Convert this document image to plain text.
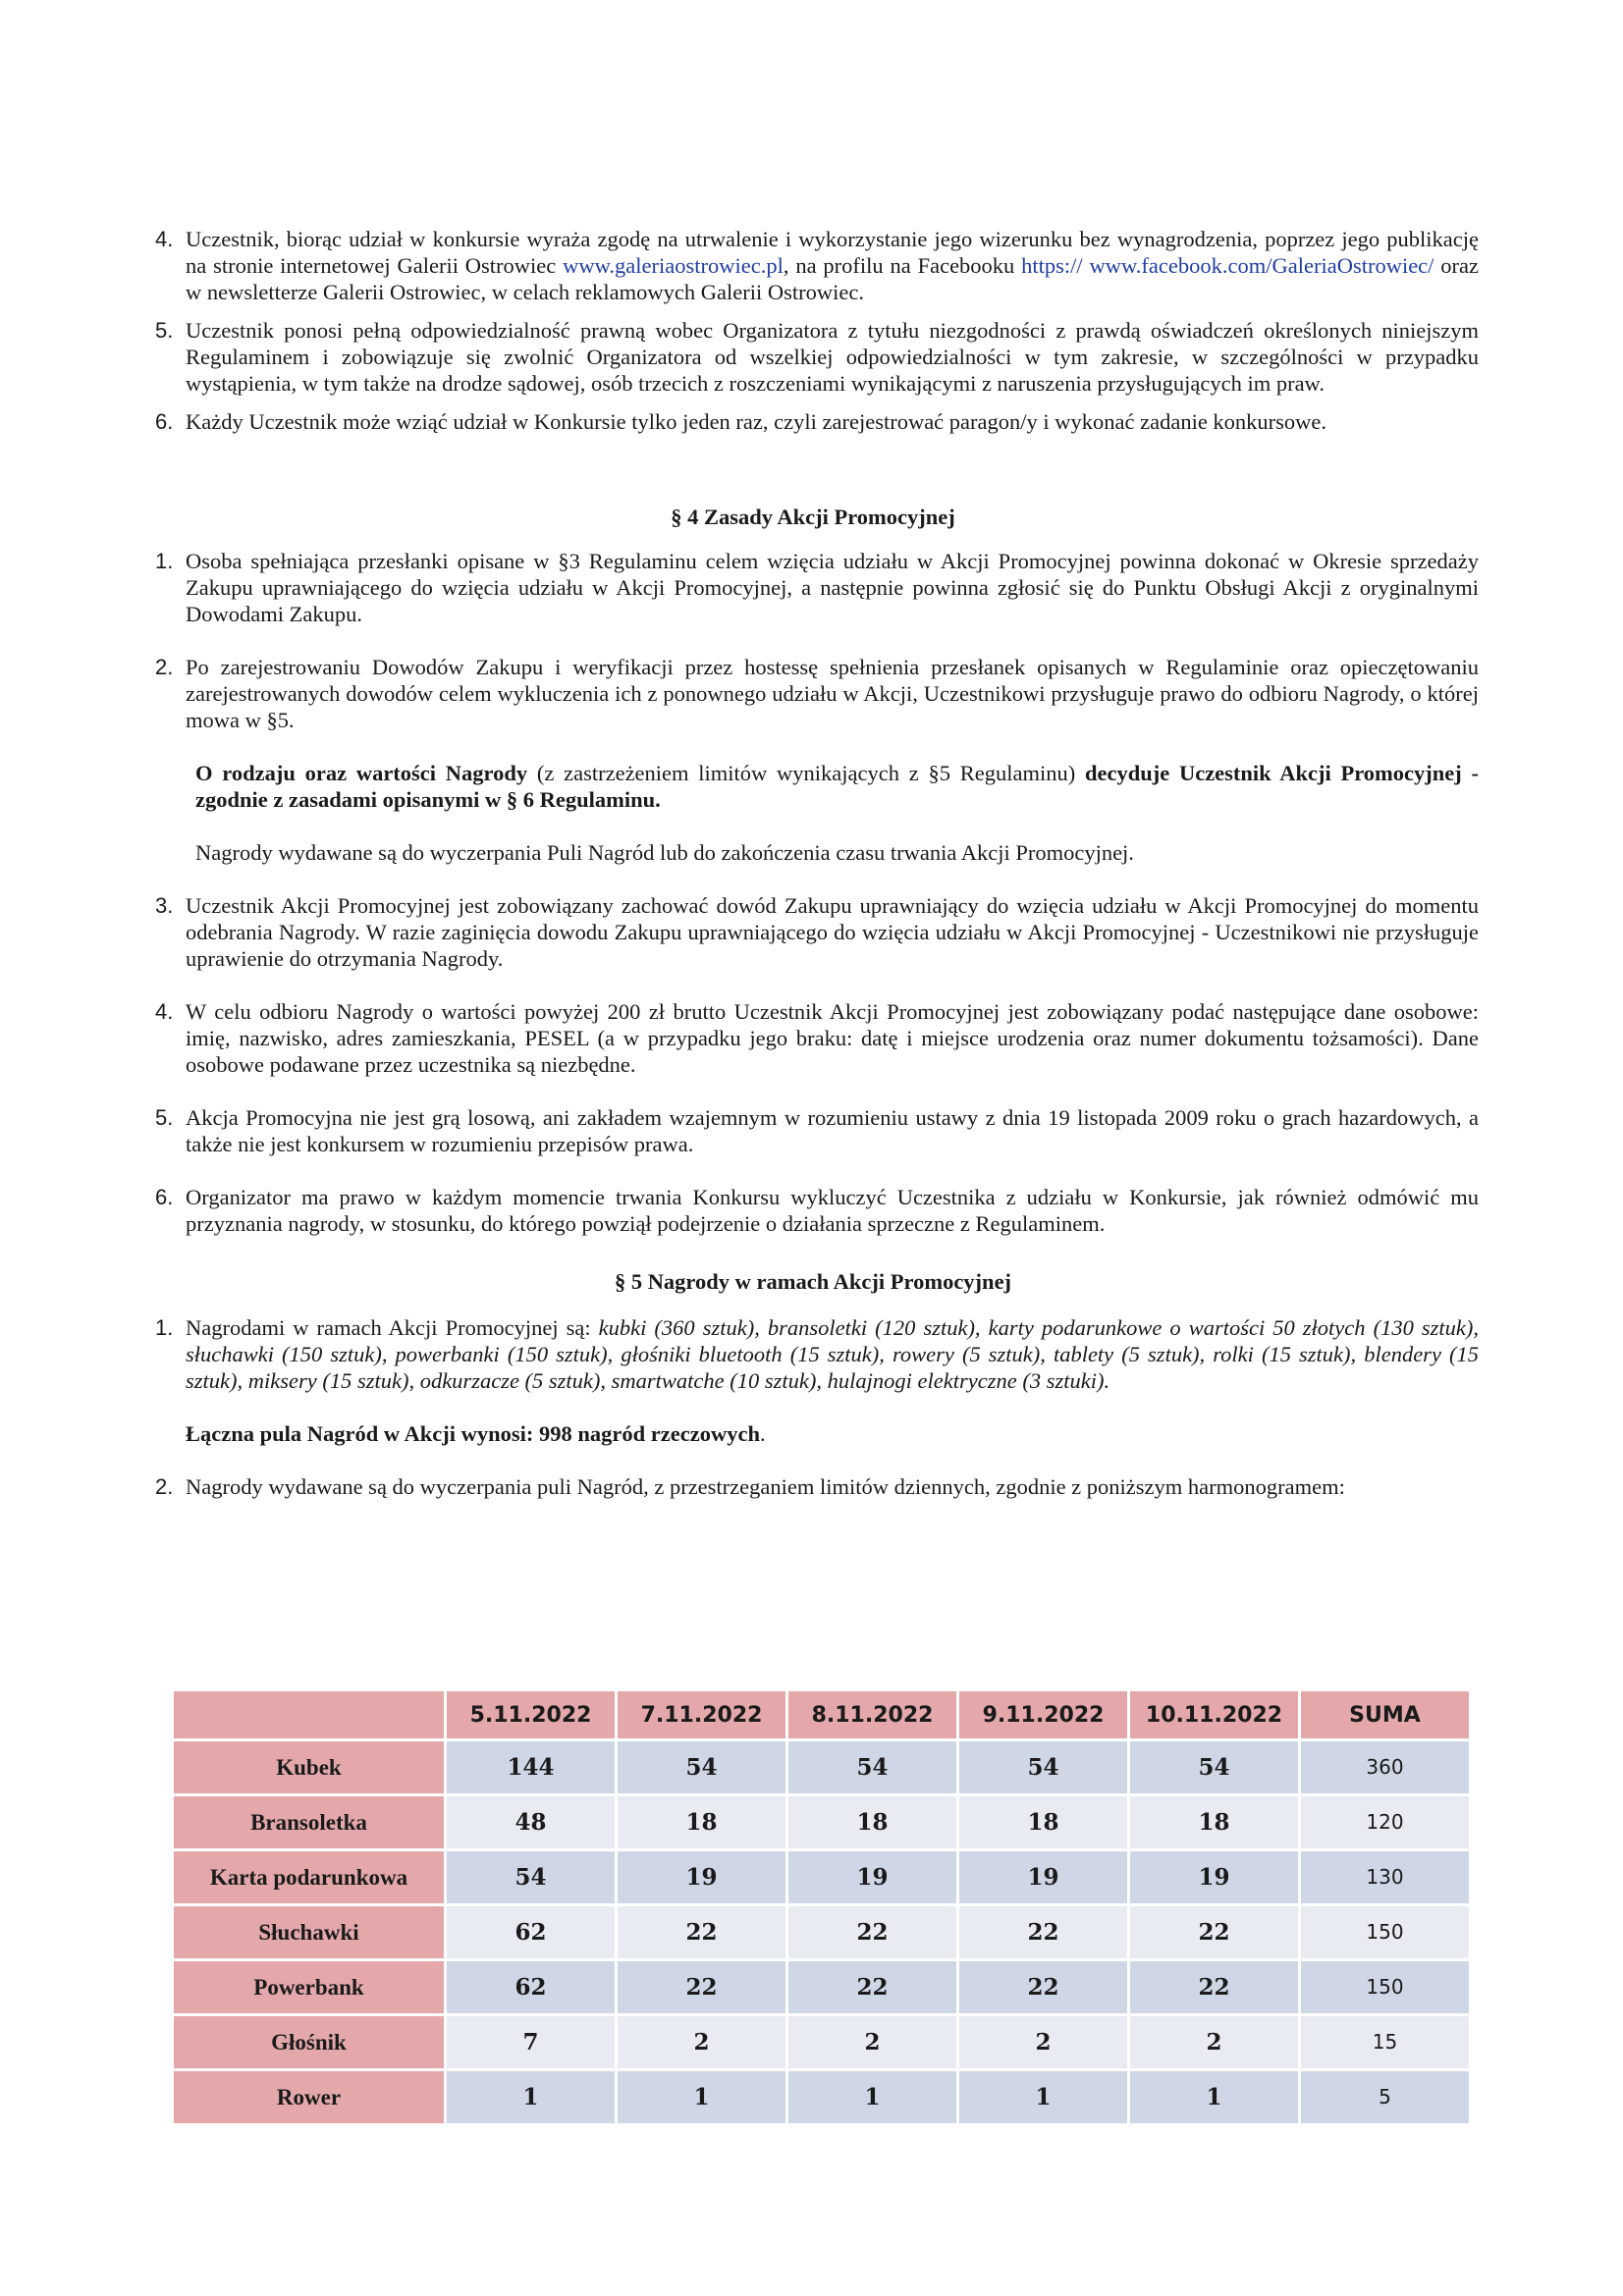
4. Uczestnik, biorąc udział w konkursie wyraża zgodę na utrwalenie i wykorzystanie jego wizerunku bez wynagrodzenia, poprzez jego publikację na stronie internetowej Galerii Ostrowiec www.galeriaostrowiec.pl, na profilu na Facebooku https:// www.facebook.com/GaleriaOstrowiec/ oraz w newsletterze Galerii Ostrowiec, w celach reklamowych Galerii Ostrowiec.
5. Uczestnik ponosi pełną odpowiedzialność prawną wobec Organizatora z tytułu niezgodności z prawdą oświadczeń określonych niniejszym Regulaminem i zobowiązuje się zwolnić Organizatora od wszelkiej odpowiedzialności w tym zakresie, w szczególności w przypadku wystąpienia, w tym także na drodze sądowej, osób trzecich z roszczeniami wynikającymi z naruszenia przysługujących im praw.
6. Każdy Uczestnik może wziąć udział w Konkursie tylko jeden raz, czyli zarejestrować paragon/y i wykonać zadanie konkursowe.

§ 4 Zasady Akcji Promocyjnej

1. Osoba spełniająca przesłanki opisane w §3 Regulaminu celem wzięcia udziału w Akcji Promocyjnej powinna dokonać w Okresie sprzedaży Zakupu uprawniającego do wzięcia udziału w Akcji Promocyjnej, a następnie powinna zgłosić się do Punktu Obsługi Akcji z oryginalnymi Dowodami Zakupu.
2. Po zarejestrowaniu Dowodów Zakupu i weryfikacji przez hostessę spełnienia przesłanek opisanych w Regulaminie oraz opieczętowaniu zarejestrowanych dowodów celem wykluczenia ich z ponownego udziału w Akcji, Uczestnikowi przysługuje prawo do odbioru Nagrody, o której mowa w §5.
O rodzaju oraz wartości Nagrody (z zastrzeżeniem limitów wynikających z §5 Regulaminu) decyduje Uczestnik Akcji Promocyjnej - zgodnie z zasadami opisanymi w § 6 Regulaminu.
Nagrody wydawane są do wyczerpania Puli Nagród lub do zakończenia czasu trwania Akcji Promocyjnej.
3. Uczestnik Akcji Promocyjnej jest zobowiązany zachować dowód Zakupu uprawniający do wzięcia udziału w Akcji Promocyjnej do momentu odebrania Nagrody. W razie zaginięcia dowodu Zakupu uprawniającego do wzięcia udziału w Akcji Promocyjnej - Uczestnikowi nie przysługuje uprawienie do otrzymania Nagrody.
4. W celu odbioru Nagrody o wartości powyżej 200 zł brutto Uczestnik Akcji Promocyjnej jest zobowiązany podać następujące dane osobowe: imię, nazwisko, adres zamieszkania, PESEL (a w przypadku jego braku: datę i miejsce urodzenia oraz numer dokumentu tożsamości). Dane osobowe podawane przez uczestnika są niezbędne.
5. Akcja Promocyjna nie jest grą losową, ani zakładem wzajemnym w rozumieniu ustawy z dnia 19 listopada 2009 roku o grach hazardowych, a także nie jest konkursem w rozumieniu przepisów prawa.
6. Organizator ma prawo w każdym momencie trwania Konkursu wykluczyć Uczestnika z udziału w Konkursie, jak również odmówić mu przyznania nagrody, w stosunku, do którego powziął podejrzenie o działania sprzeczne z Regulaminem.

§ 5 Nagrody w ramach Akcji Promocyjnej

1. Nagrodami w ramach Akcji Promocyjnej są: kubki (360 sztuk), bransoletki (120 sztuk), karty podarunkowe o wartości 50 złotych (130 sztuk), słuchawki (150 sztuk), powerbanki (150 sztuk), głośniki bluetooth (15 sztuk), rowery (5 sztuk), tablety (5 sztuk), rolki (15 sztuk), blendery (15 sztuk), miksery (15 sztuk), odkurzacze (5 sztuk), smartwatche (10 sztuk), hulajnogi elektryczne (3 sztuki).
Łączna pula Nagród w Akcji wynosi: 998 nagród rzeczowych.
2. Nagrody wydawane są do wyczerpania puli Nagród, z przestrzeganiem limitów dziennych, zgodnie z poniższym harmonogramem:
	5.11.2022	7.11.2022	8.11.2022	9.11.2022	10.11.2022	SUMA
Kubek	144	54	54	54	54	360
Bransoletka	48	18	18	18	18	120
Karta podarunkowa	54	19	19	19	19	130
Słuchawki	62	22	22	22	22	150
Powerbank	62	22	22	22	22	150
Głośnik	7	2	2	2	2	15
Rower	1	1	1	1	1	5
